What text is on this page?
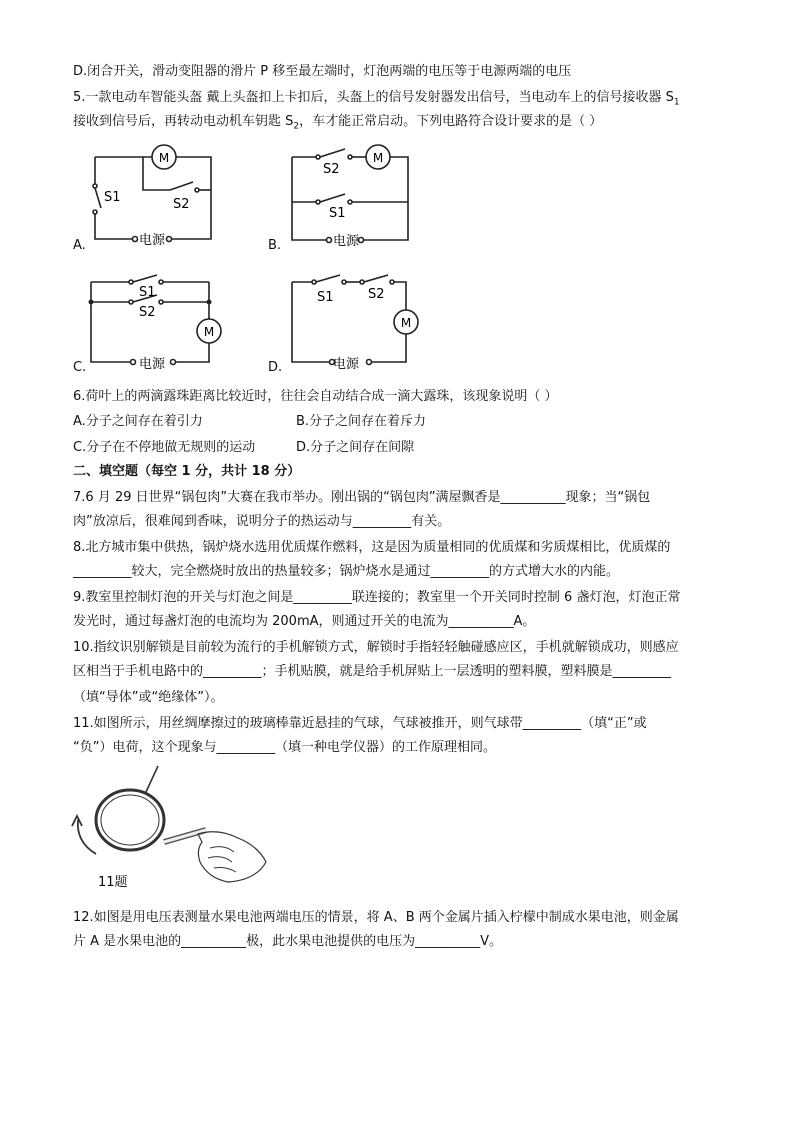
D.闭合开关，滑动变阻器的滑片 P 移至最左端时，灯泡两端的电压等于电源两端的电压
5.一款电动车智能头盔 戴上头盔扣上卡扣后，头盔上的信号发射器发出信号，当电动车上的信号接收器 $S_1$
接收到信号后，再转动电动机车钥匙 $S_2$，车才能正常启动。下列电路符合设计要求的是（ ）
M
S1	S2
电源
A.
M
S2
S1
电源
B.
M
S1
S2
电源
C.
M
S1	S2
电源
D.
6.荷叶上的两滴露珠距离比较近时，往往会自动结合成一滴大露珠，该现象说明（ ）
A.分子之间存在着引力	B.分子之间存在着斥力
C.分子在不停地做无规则的运动	D.分子之间存在间隙
二、填空题（每空 1 分，共计 18 分）
7.6 月 29 日世界“锅包肉”大赛在我市举办。刚出锅的“锅包肉”满屋飘香是__________现象；当“锅包
肉”放凉后，很难闻到香味，说明分子的热运动与_________有关。
8.北方城市集中供热，锅炉烧水选用优质煤作燃料，这是因为质量相同的优质煤和劣质煤相比，优质煤的
_________较大，完全燃烧时放出的热量较多；锅炉烧水是通过_________的方式增大水的内能。
9.教室里控制灯泡的开关与灯泡之间是_________联连接的；教室里一个开关同时控制 6 盏灯泡，灯泡正常
发光时，通过每盏灯泡的电流均为 200mA，则通过开关的电流为__________A。
10.指纹识别解锁是目前较为流行的手机解锁方式，解锁时手指轻轻触碰感应区，手机就解锁成功，则感应
区相当于手机电路中的_________；手机贴膜，就是给手机屏贴上一层透明的塑料膜，塑料膜是_________
（填“导体”或“绝缘体”）。
11.如图所示，用丝绸摩擦过的玻璃棒靠近悬挂的气球，气球被推开，则气球带_________（填“正”或
“负”）电荷，这个现象与_________（填一种电学仪器）的工作原理相同。
11题
12.如图是用电压表测量水果电池两端电压的情景，将 A、B 两个金属片插入柠檬中制成水果电池，则金属
片 A 是水果电池的__________极，此水果电池提供的电压为__________V。
